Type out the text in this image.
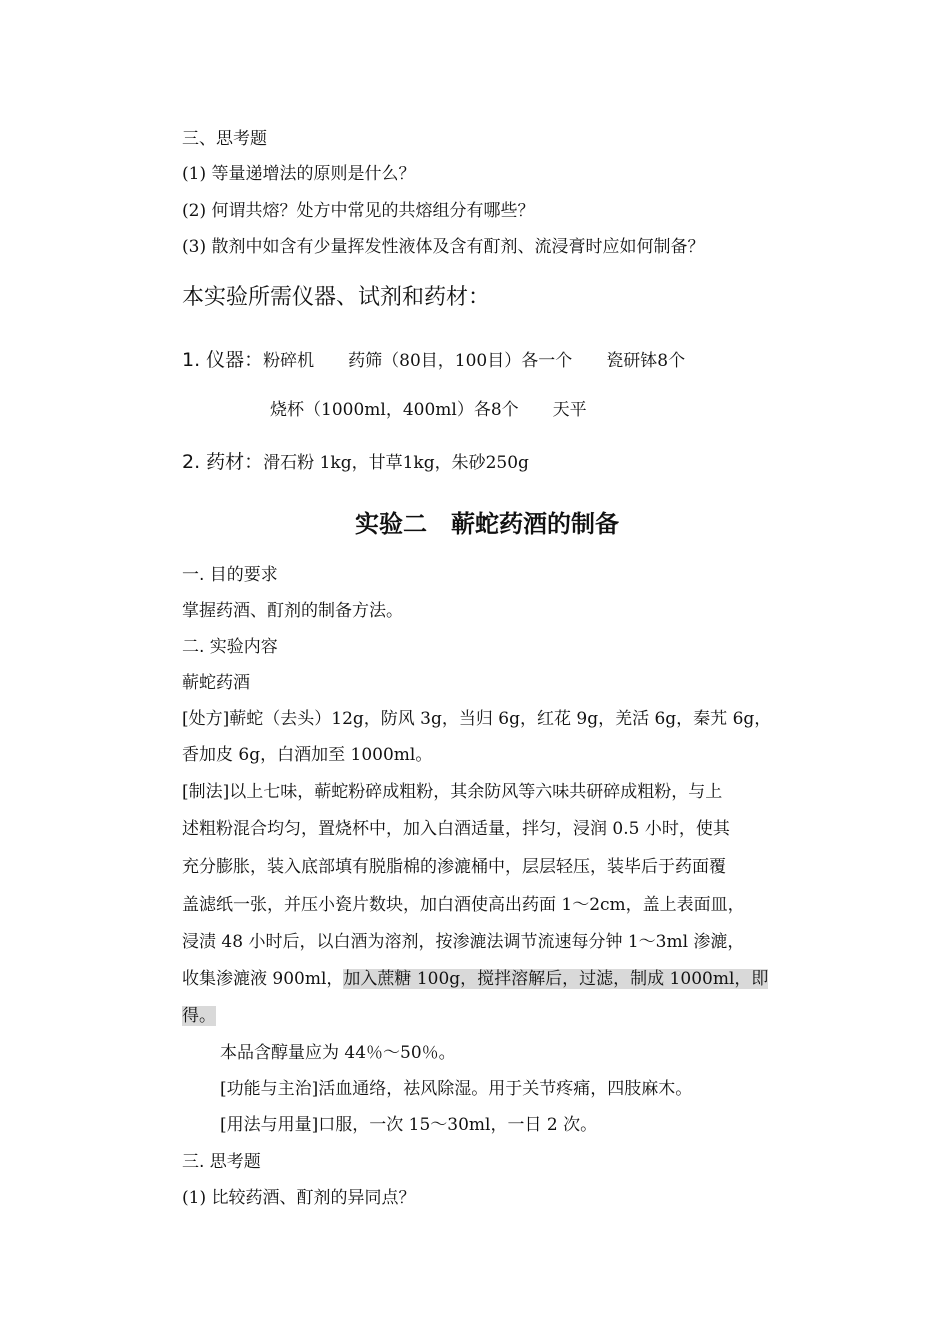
三、思考题
(1) 等量递增法的原则是什么？
(2) 何谓共熔？处方中常见的共熔组分有哪些？
(3) 散剂中如含有少量挥发性液体及含有酊剂、流浸膏时应如何制备？
本实验所需仪器、试剂和药材：
1. 仪器：粉碎机　　药筛（80目，100目）各一个　　瓷研钵8个
烧杯（1000ml，400ml）各8个　　天平
2. 药材：滑石粉 1kg，甘草1kg，朱砂250g
实验二　蕲蛇药酒的制备
一. 目的要求
掌握药酒、酊剂的制备方法。
二. 实验内容
蕲蛇药酒
[处方]蕲蛇（去头）12g，防风 3g，当归 6g，红花 9g，羌活 6g，秦艽 6g，
香加皮 6g，白酒加至 1000ml。
[制法]以上七味，蕲蛇粉碎成粗粉，其余防风等六味共研碎成粗粉，与上
述粗粉混合均匀，置烧杯中，加入白酒适量，拌匀，浸润 0.5 小时，使其
充分膨胀，装入底部填有脱脂棉的渗漉桶中，层层轻压，装毕后于药面覆
盖滤纸一张，并压小瓷片数块，加白酒使高出药面 1～2cm，盖上表面皿，
浸渍 48 小时后，以白酒为溶剂，按渗漉法调节流速每分钟 1～3ml 渗漉，
收集渗漉液 900ml，加入蔗糖 100g，搅拌溶解后，过滤，制成 1000ml，即
得。
本品含醇量应为 44％～50％。
[功能与主治]活血通络，祛风除湿。用于关节疼痛，四肢麻木。
[用法与用量]口服，一次 15～30ml，一日 2 次。
三. 思考题
(1) 比较药酒、酊剂的异同点？
